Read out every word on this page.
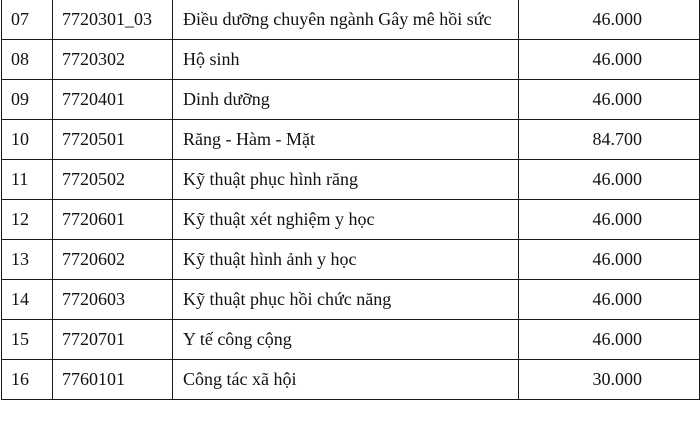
07	7720301_03	Điều dưỡng chuyên ngành Gây mê hồi sức	46.000
08	7720302	Hộ sinh	46.000
09	7720401	Dinh dưỡng	46.000
10	7720501	Răng - Hàm - Mặt	84.700
11	7720502	Kỹ thuật phục hình răng	46.000
12	7720601	Kỹ thuật xét nghiệm y học	46.000
13	7720602	Kỹ thuật hình ảnh y học	46.000
14	7720603	Kỹ thuật phục hồi chức năng	46.000
15	7720701	Y tế công cộng	46.000
16	7760101	Công tác xã hội	30.000
